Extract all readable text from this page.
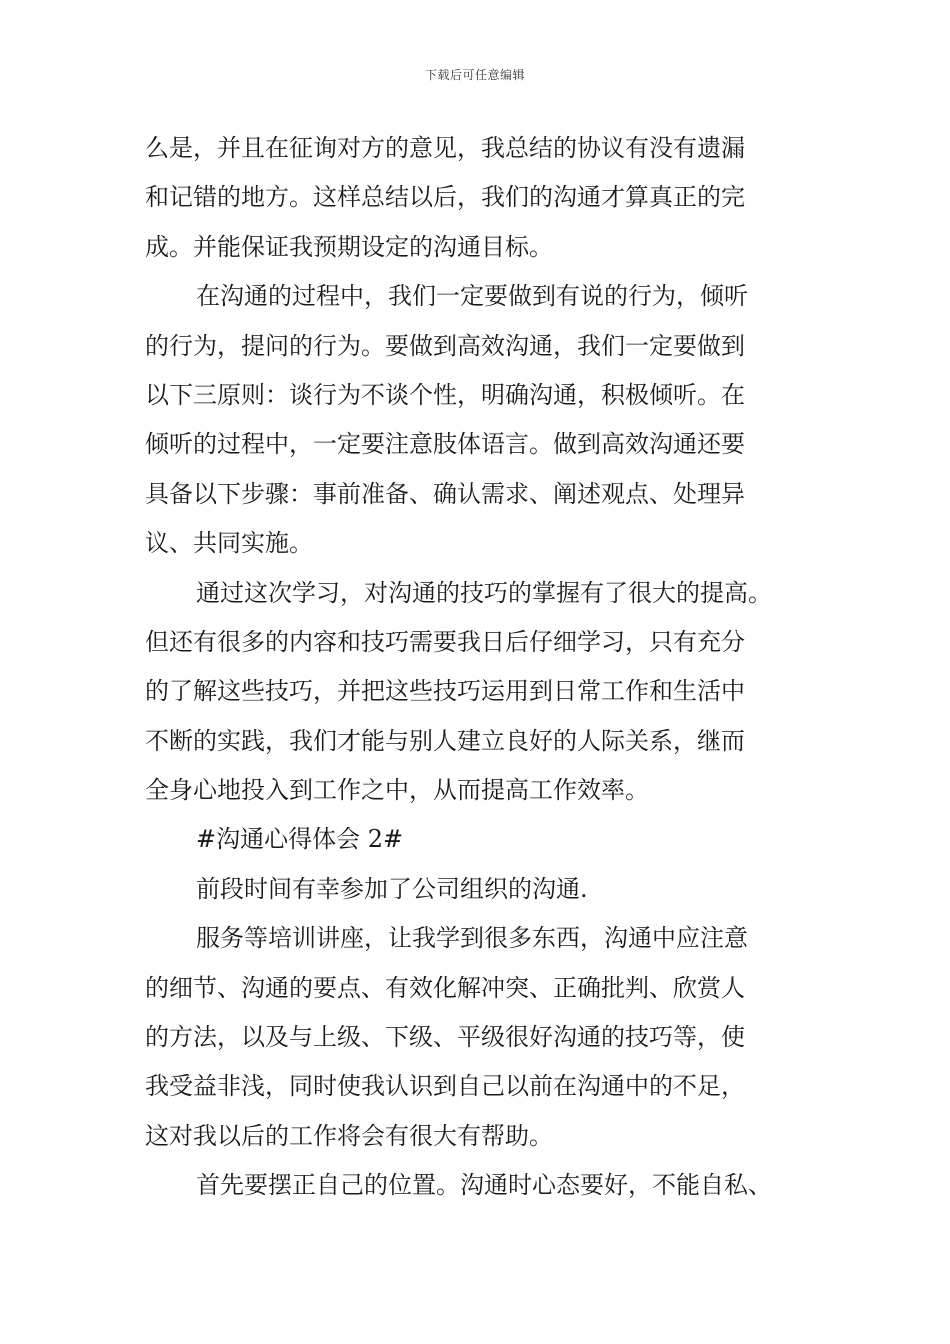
下载后可任意编辑
么是，并且在征询对方的意见，我总结的协议有没有遗漏
和记错的地方。这样总结以后，我们的沟通才算真正的完
成。并能保证我预期设定的沟通目标。
在沟通的过程中，我们一定要做到有说的行为，倾听
的行为，提问的行为。要做到高效沟通，我们一定要做到
以下三原则：谈行为不谈个性，明确沟通，积极倾听。在
倾听的过程中，一定要注意肢体语言。做到高效沟通还要
具备以下步骤：事前准备、确认需求、阐述观点、处理异
议、共同实施。
通过这次学习，对沟通的技巧的掌握有了很大的提高。
但还有很多的内容和技巧需要我日后仔细学习，只有充分
的了解这些技巧，并把这些技巧运用到日常工作和生活中
不断的实践，我们才能与别人建立良好的人际关系，继而
全身心地投入到工作之中，从而提高工作效率。
#沟通心得体会 2#
前段时间有幸参加了公司组织的沟通.
服务等培训讲座，让我学到很多东西，沟通中应注意
的细节、沟通的要点、有效化解冲突、正确批判、欣赏人
的方法，以及与上级、下级、平级很好沟通的技巧等，使
我受益非浅，同时使我认识到自己以前在沟通中的不足，
这对我以后的工作将会有很大有帮助。
首先要摆正自己的位置。沟通时心态要好，不能自私、
